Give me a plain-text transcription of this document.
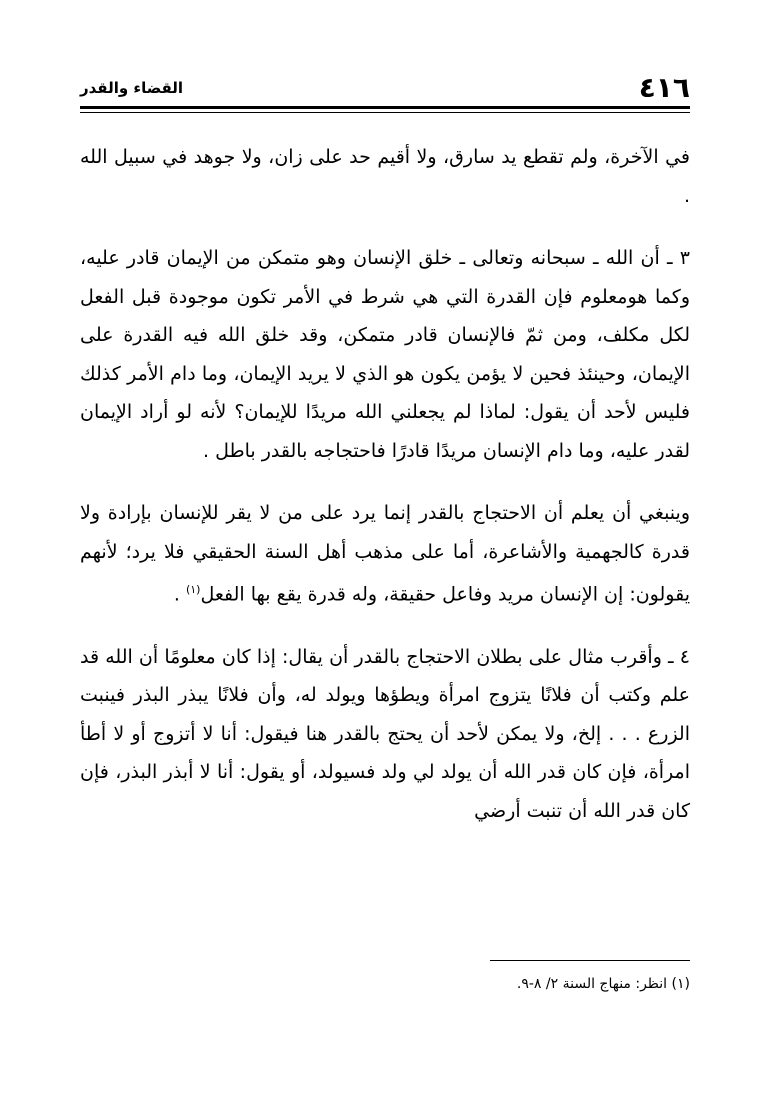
٤١٦
القضاء والقدر

في الآخرة، ولم تقطع يد سارق، ولا أقيم حد على زان، ولا جوهد في سبيل الله .

٣ ـ أن الله ـ سبحانه وتعالى ـ خلق الإنسان وهو متمكن من الإيمان قادر عليه، وكما هومعلوم فإن القدرة التي هي شرط في الأمر تكون موجودة قبل الفعل لكل مكلف، ومن ثمّ فالإنسان قادر متمكن، وقد خلق الله فيه القدرة على الإيمان، وحينئذ فحين لا يؤمن يكون هو الذي لا يريد الإيمان، وما دام الأمر كذلك فليس لأحد أن يقول: لماذا لم يجعلني الله مريدًا للإيمان؟ لأنه لو أراد الإيمان لقدر عليه، وما دام الإنسان مريدًا قادرًا فاحتجاجه بالقدر باطل .

وينبغي أن يعلم أن الاحتجاج بالقدر إنما يرد على من لا يقر للإنسان بإرادة ولا قدرة كالجهمية والأشاعرة، أما على مذهب أهل السنة الحقيقي فلا يرد؛ لأنهم يقولون: إن الإنسان مريد وفاعل حقيقة، وله قدرة يقع بها الفعل$^{(١)}$ .

٤ ـ وأقرب مثال على بطلان الاحتجاج بالقدر أن يقال: إذا كان معلومًا أن الله قد علم وكتب أن فلانًا يتزوج امرأة ويطؤها ويولد له، وأن فلانًا يبذر البذر فينبت الزرع . . . إلخ، ولا يمكن لأحد أن يحتج بالقدر هنا فيقول: أنا لا أتزوج أو لا أطأ امرأة، فإن كان قدر الله أن يولد لي ولد فسيولد، أو يقول: أنا لا أبذر البذر، فإن كان قدر الله أن تنبت أرضي

(١) انظر: منهاج السنة ٢/ ٨-٩.
